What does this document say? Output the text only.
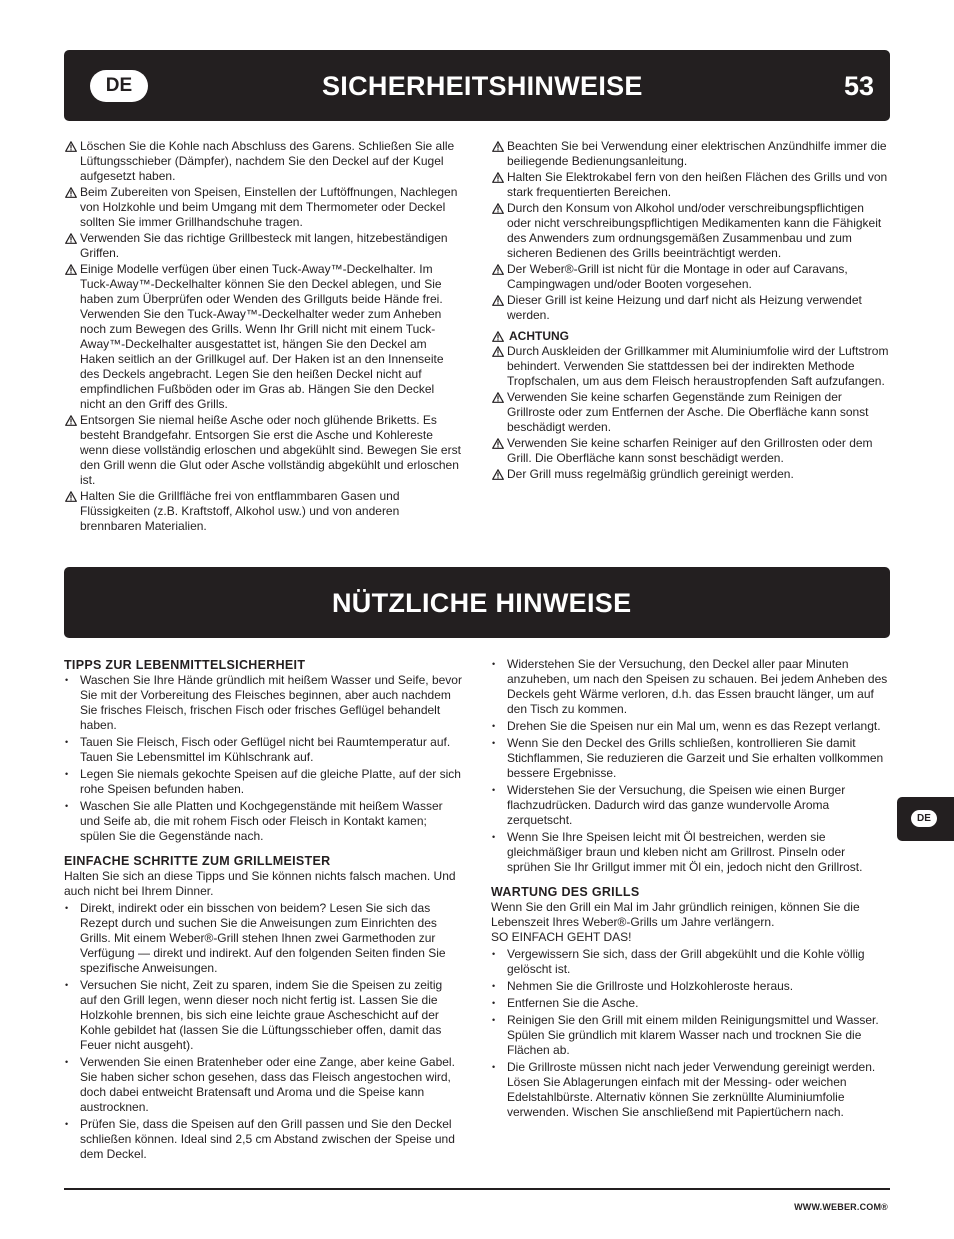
DE	SICHERHEITSHINWEISE	53
Löschen Sie die Kohle nach Abschluss des Garens. Schließen Sie alle Lüftungsschieber (Dämpfer), nachdem Sie den Deckel auf der Kugel aufgesetzt haben.
Beim Zubereiten von Speisen, Einstellen der Luftöffnungen, Nachlegen von Holzkohle und beim Umgang mit dem Thermometer oder Deckel sollten Sie immer Grillhandschuhe tragen.
Verwenden Sie das richtige Grillbesteck mit langen, hitzebeständigen Griffen.
Einige Modelle verfügen über einen Tuck-Away™-Deckelhalter. Im Tuck-Away™-Deckelhalter können Sie den Deckel ablegen, und Sie haben zum Überprüfen oder Wenden des Grillguts beide Hände frei. Verwenden Sie den Tuck-Away™-Deckelhalter weder zum Anheben noch zum Bewegen des Grills. Wenn Ihr Grill nicht mit einem Tuck-Away™-Deckelhalter ausgestattet ist, hängen Sie den Deckel am Haken seitlich an der Grillkugel auf. Der Haken ist an den Innenseite des Deckels angebracht. Legen Sie den heißen Deckel nicht auf empfindlichen Fußböden oder im Gras ab. Hängen Sie den Deckel nicht an den Griff des Grills.
Entsorgen Sie niemal heiße Asche oder noch glühende Briketts. Es besteht Brandgefahr. Entsorgen Sie erst die Asche und Kohlereste wenn diese vollständig erloschen und abgekühlt sind. Bewegen Sie erst den Grill wenn die Glut oder Asche vollständig abgekühlt und erloschen ist.
Halten Sie die Grillfläche frei von entflammbaren Gasen und Flüssigkeiten (z.B. Kraftstoff, Alkohol usw.) und von anderen brennbaren Materialien.
Beachten Sie bei Verwendung einer elektrischen Anzündhilfe immer die beiliegende Bedienungsanleitung.
Halten Sie Elektrokabel fern von den heißen Flächen des Grills und von stark frequentierten Bereichen.
Durch den Konsum von Alkohol und/oder verschreibungspflichtigen oder nicht verschreibungspflichtigen Medikamenten kann die Fähigkeit des Anwenders zum ordnungsgemäßen Zusammenbau und zum sicheren Bedienen des Grills beeinträchtigt werden.
Der Weber®-Grill ist nicht für die Montage in oder auf Caravans, Campingwagen und/oder Booten vorgesehen.
Dieser Grill ist keine Heizung und darf nicht als Heizung verwendet werden.
ACHTUNG
Durch Auskleiden der Grillkammer mit Aluminiumfolie wird der Luftstrom behindert. Verwenden Sie stattdessen bei der indirekten Methode Tropfschalen, um aus dem Fleisch heraustropfenden Saft aufzufangen.
Verwenden Sie keine scharfen Gegenstände zum Reinigen der Grillroste oder zum Entfernen der Asche. Die Oberfläche kann sonst beschädigt werden.
Verwenden Sie keine scharfen Reiniger auf den Grillrosten oder dem Grill. Die Oberfläche kann sonst beschädigt werden.
Der Grill muss regelmäßig gründlich gereinigt werden.
NÜTZLICHE HINWEISE
TIPPS ZUR LEBENMITTELSICHERHEIT
• Waschen Sie Ihre Hände gründlich mit heißem Wasser und Seife, bevor Sie mit der Vorbereitung des Fleisches beginnen, aber auch nachdem Sie frisches Fleisch, frischen Fisch oder frisches Geflügel behandelt haben.
• Tauen Sie Fleisch, Fisch oder Geflügel nicht bei Raumtemperatur auf. Tauen Sie Lebensmittel im Kühlschrank auf.
• Legen Sie niemals gekochte Speisen auf die gleiche Platte, auf der sich rohe Speisen befunden haben.
• Waschen Sie alle Platten und Kochgegenstände mit heißem Wasser und Seife ab, die mit rohem Fisch oder Fleisch in Kontakt kamen; spülen Sie die Gegenstände nach.
EINFACHE SCHRITTE ZUM GRILLMEISTER
Halten Sie sich an diese Tipps und Sie können nichts falsch machen. Und auch nicht bei Ihrem Dinner.
• Direkt, indirekt oder ein bisschen von beidem? Lesen Sie sich das Rezept durch und suchen Sie die Anweisungen zum Einrichten des Grills. Mit einem Weber®-Grill stehen Ihnen zwei Garmethoden zur Verfügung — direkt und indirekt. Auf den folgenden Seiten finden Sie spezifische Anweisungen.
• Versuchen Sie nicht, Zeit zu sparen, indem Sie die Speisen zu zeitig auf den Grill legen, wenn dieser noch nicht fertig ist. Lassen Sie die Holzkohle brennen, bis sich eine leichte graue Ascheschicht auf der Kohle gebildet hat (lassen Sie die Lüftungsschieber offen, damit das Feuer nicht ausgeht).
• Verwenden Sie einen Bratenheber oder eine Zange, aber keine Gabel. Sie haben sicher schon gesehen, dass das Fleisch angestochen wird, doch dabei entweicht Bratensaft und Aroma und die Speise kann austrocknen.
• Prüfen Sie, dass die Speisen auf den Grill passen und Sie den Deckel schließen können. Ideal sind 2,5 cm Abstand zwischen der Speise und dem Deckel.
• Widerstehen Sie der Versuchung, den Deckel aller paar Minuten anzuheben, um nach den Speisen zu schauen. Bei jedem Anheben des Deckels geht Wärme verloren, d.h. das Essen braucht länger, um auf den Tisch zu kommen.
• Drehen Sie die Speisen nur ein Mal um, wenn es das Rezept verlangt.
• Wenn Sie den Deckel des Grills schließen, kontrollieren Sie damit Stichflammen, Sie reduzieren die Garzeit und Sie erhalten vollkommen bessere Ergebnisse.
• Widerstehen Sie der Versuchung, die Speisen wie einen Burger flachzudrücken. Dadurch wird das ganze wundervolle Aroma zerquetscht.
• Wenn Sie Ihre Speisen leicht mit Öl bestreichen, werden sie gleichmäßiger braun und kleben nicht am Grillrost. Pinseln oder sprühen Sie Ihr Grillgut immer mit Öl ein, jedoch nicht den Grillrost.
WARTUNG DES GRILLS
Wenn Sie den Grill ein Mal im Jahr gründlich reinigen, können Sie die Lebenszeit Ihres Weber®-Grills um Jahre verlängern.
SO EINFACH GEHT DAS!
• Vergewissern Sie sich, dass der Grill abgekühlt und die Kohle völlig gelöscht ist.
• Nehmen Sie die Grillroste und Holzkohleroste heraus.
• Entfernen Sie die Asche.
• Reinigen Sie den Grill mit einem milden Reinigungsmittel und Wasser. Spülen Sie gründlich mit klarem Wasser nach und trocknen Sie die Flächen ab.
• Die Grillroste müssen nicht nach jeder Verwendung gereinigt werden. Lösen Sie Ablagerungen einfach mit der Messing- oder weichen Edelstahlbürste. Alternativ können Sie zerknüllte Aluminiumfolie verwenden. Wischen Sie anschließend mit Papiertüchern nach.
DE
WWW.WEBER.COM®
